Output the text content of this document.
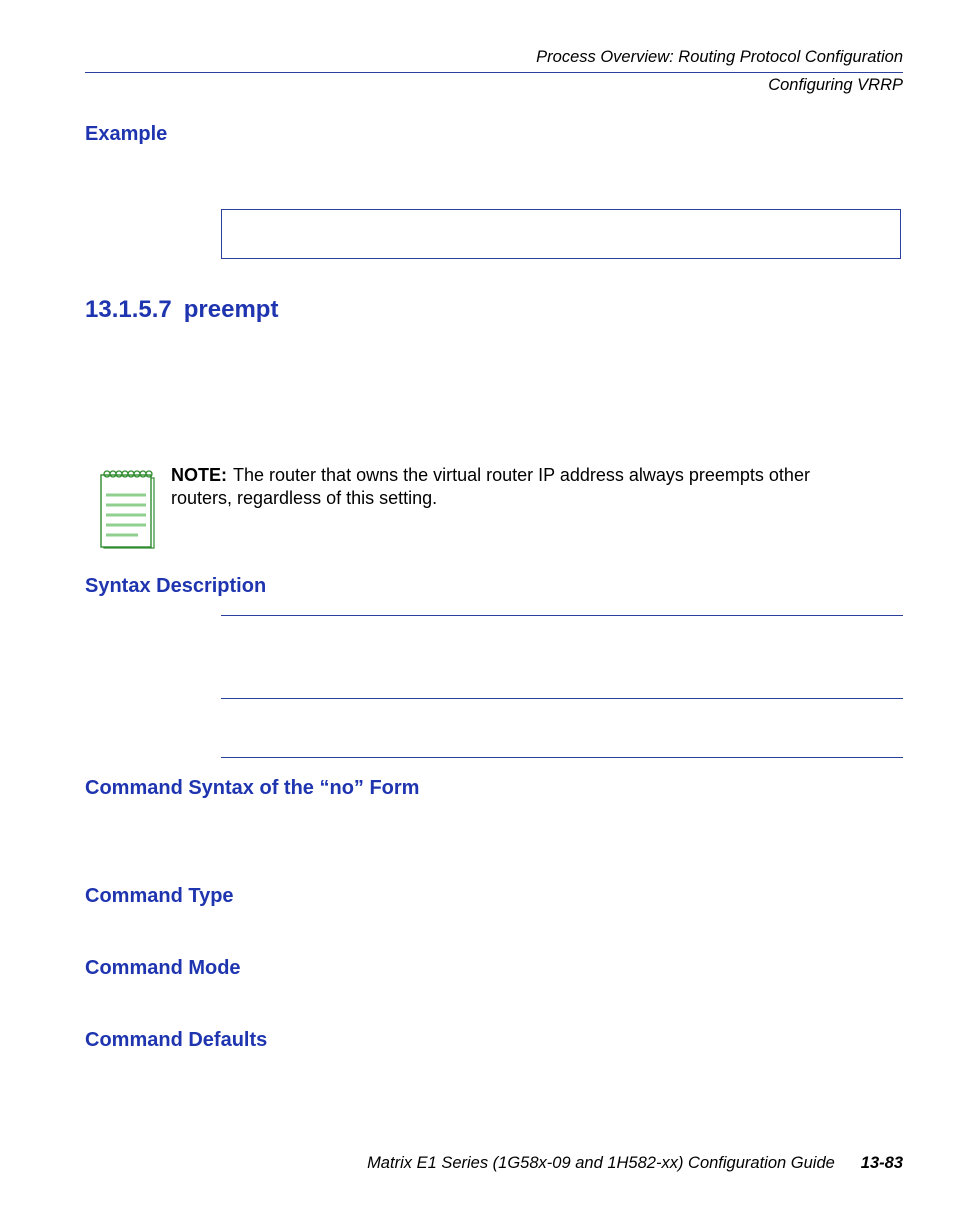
Process Overview: Routing Protocol Configuration
Configuring VRRP
Example
13.1.5.7 preempt
NOTE: The router that owns the virtual router IP address always preempts other routers, regardless of this setting.
Syntax Description
Command Syntax of the “no” Form
Command Type
Command Mode
Command Defaults
Matrix E1 Series (1G58x-09 and 1H582-xx) Configuration Guide 13-83
